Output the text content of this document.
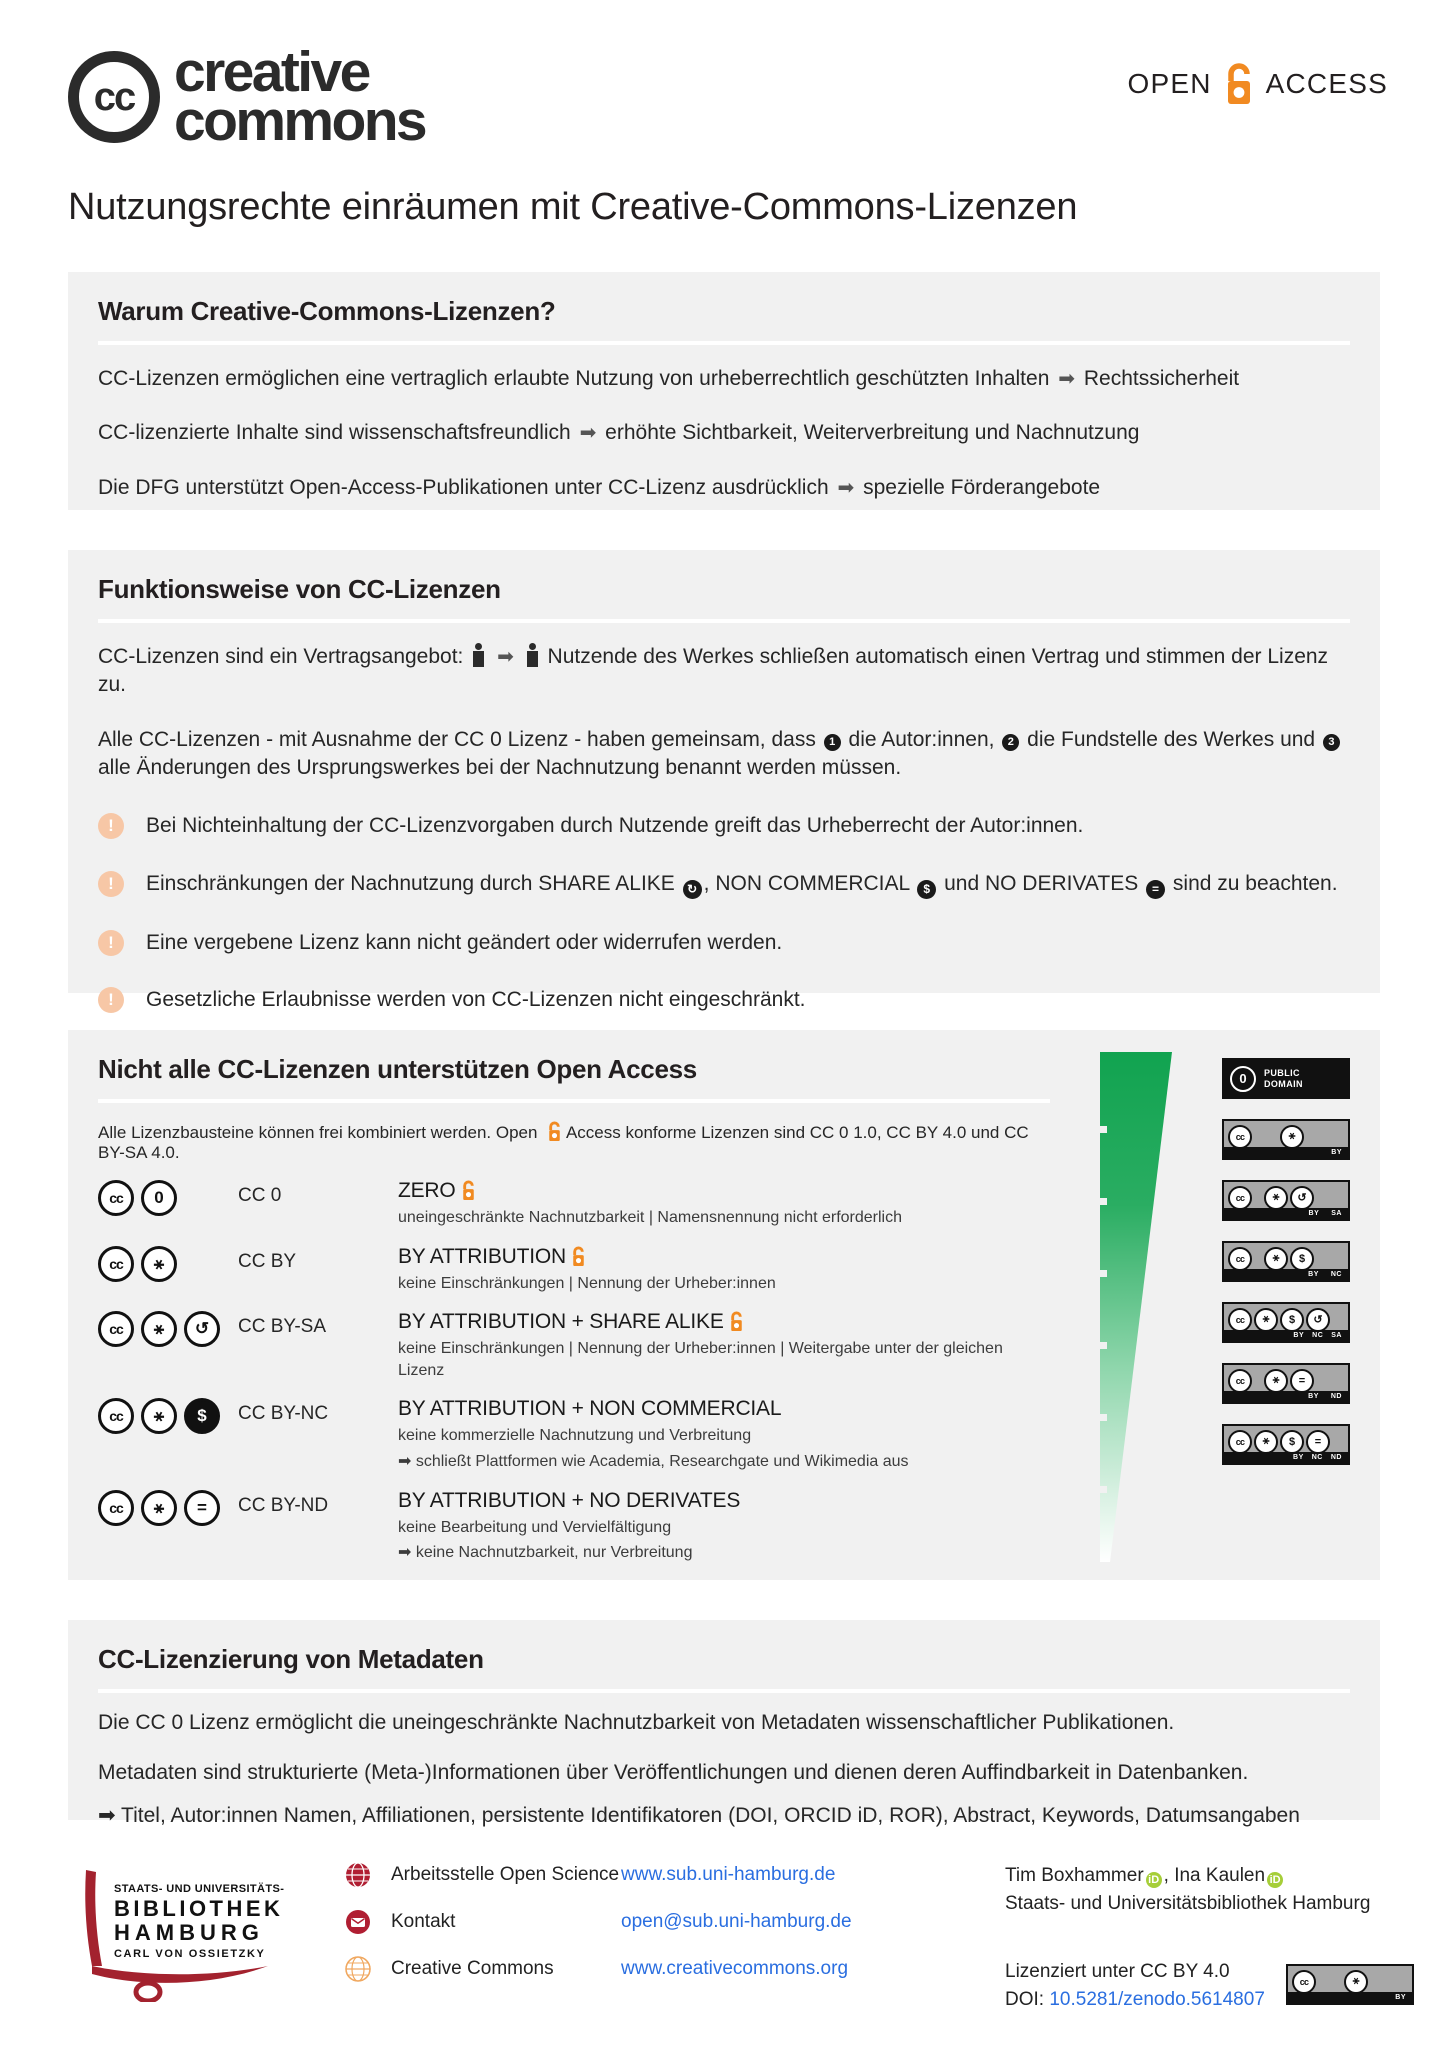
cc creative
commons
OPEN ACCESS
Nutzungsrechte einräumen mit Creative-Commons-Lizenzen
Warum Creative-Commons-Lizenzen?

CC-Lizenzen ermöglichen eine vertraglich erlaubte Nutzung von urheberrechtlich geschützten Inhalten ➡ Rechtssicherheit

CC-lizenzierte Inhalte sind wissenschaftsfreundlich ➡ erhöhte Sichtbarkeit, Weiterverbreitung und Nachnutzung

Die DFG unterstützt Open-Access-Publikationen unter CC-Lizenz ausdrücklich ➡ spezielle Förderangebote

Funktionsweise von CC-Lizenzen

CC-Lizenzen sind ein Vertragsangebot: ➡ Nutzende des Werkes schließen automatisch einen Vertrag und stimmen der Lizenz zu.

Alle CC-Lizenzen - mit Ausnahme der CC 0 Lizenz - haben gemeinsam, dass 1 die Autor:innen, 2 die Fundstelle des Werkes und 3 alle Änderungen des Ursprungswerkes bei der Nachnutzung benannt werden müssen.

!	Bei Nichteinhaltung der CC-Lizenzvorgaben durch Nutzende greift das Urheberrecht der Autor:innen.
!	Einschränkungen der Nachnutzung durch SHARE ALIKE ↻ , NON COMMERCIAL $ und NO DERIVATES = sind zu beachten.
!	Eine vergebene Lizenz kann nicht geändert oder widerrufen werden.
!	Gesetzliche Erlaubnisse werden von CC-Lizenzen nicht eingeschränkt.
Nicht alle CC-Lizenzen unterstützen Open Access
Alle Lizenzbausteine können frei kombiniert werden. Open Access konforme Lizenzen sind CC 0 1.0, CC BY 4.0 und CC BY-SA 4.0.
cc	0	CC 0	ZERO
uneingeschränkte Nachnutzbarkeit | Namensnennung nicht erforderlich
cc	⚹	CC BY	BY ATTRIBUTION
keine Einschränkungen | Nennung der Urheber:innen
cc	⚹	↺	CC BY-SA	BY ATTRIBUTION + SHARE ALIKE
keine Einschränkungen | Nennung der Urheber:innen | Weitergabe unter der gleichen Lizenz
cc	⚹	$	CC BY-NC	BY ATTRIBUTION + NON COMMERCIAL
keine kommerzielle Nachnutzung und Verbreitung
➡ schließt Plattformen wie Academia, Researchgate und Wikimedia aus
cc	⚹	=	CC BY-ND	BY ATTRIBUTION + NO DERIVATES
keine Bearbeitung und Vervielfältigung
➡ keine Nachnutzbarkeit, nur Verbreitung
0	PUBLIC
DOMAIN
cc	⚹
BY
cc	⚹	↺
BY SA
cc	⚹	$
BY NC
cc	⚹	$	↺
BY NC SA
cc	⚹	=
BY ND
cc	⚹	$	=
BY NC ND
CC-Lizenzierung von Metadaten

Die CC 0 Lizenz ermöglicht die uneingeschränkte Nachnutzbarkeit von Metadaten wissenschaftlicher Publikationen.

Metadaten sind strukturierte (Meta-)Informationen über Veröffentlichungen und dienen deren Auffindbarkeit in Datenbanken.

➡ Titel, Autor:innen Namen, Affiliationen, persistente Identifikatoren (DOI, ORCID iD, ROR), Abstract, Keywords, Datumsangaben

STAATS- UND UNIVERSITÄTS-
BIBLIOTHEK
HAMBURG
CARL VON OSSIETZKY
Arbeitsstelle Open Science www.sub.uni-hamburg.de
Kontakt	open@sub.uni-hamburg.de
Creative Commons	www.creativecommons.org
Tim Boxhammer iD , Ina Kaulen iD
Staats- und Universitätsbibliothek Hamburg
Lizenziert unter CC BY 4.0
DOI: 10.5281/zenodo.5614807
cc	⚹
BY
